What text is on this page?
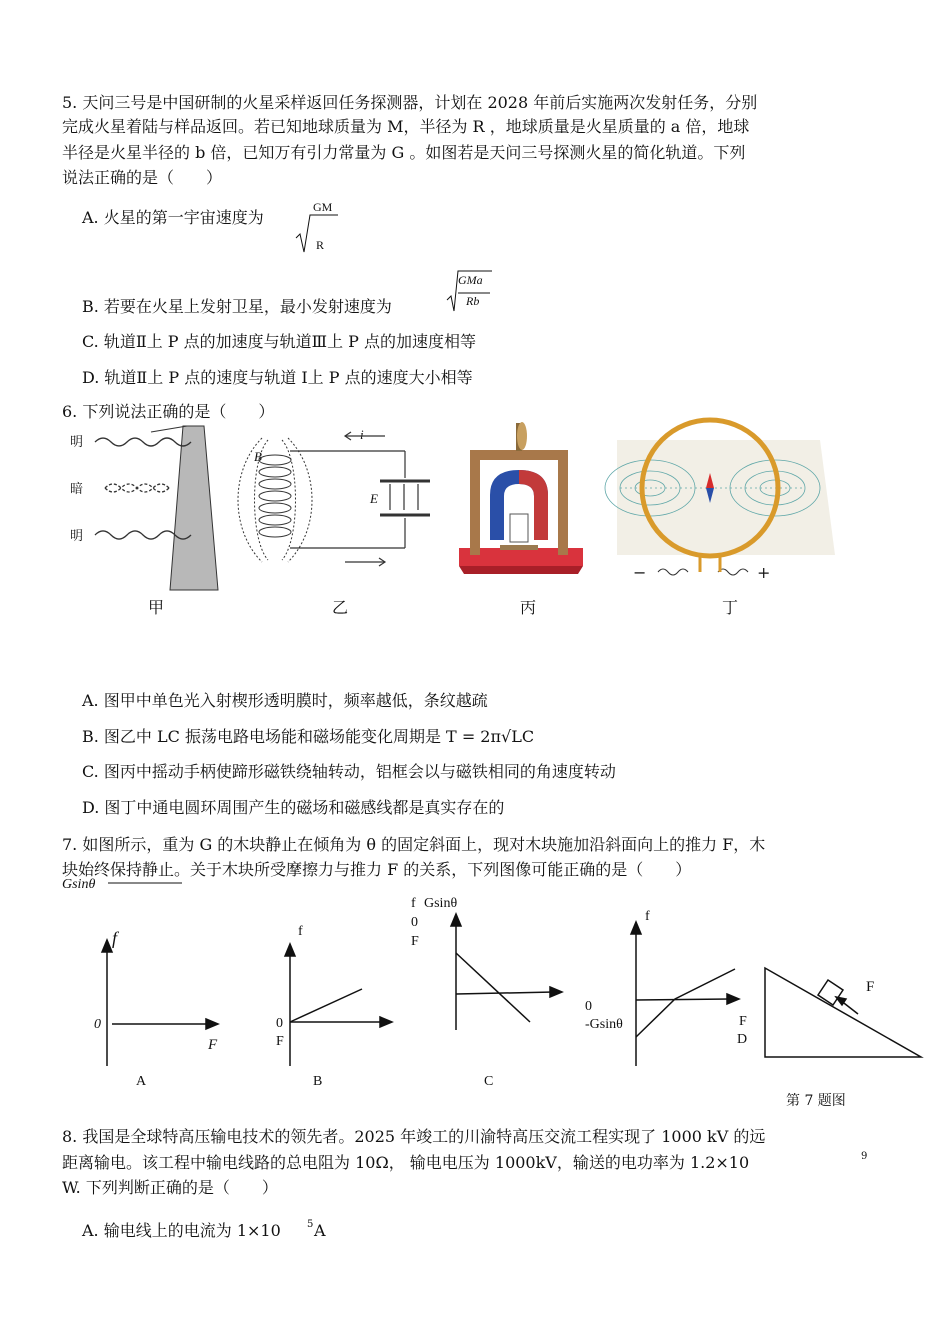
5. 天问三号是中国研制的火星采样返回任务探测器，计划在 2028 年前后实施两次发射任务，分别
完成火星着陆与样品返回。若已知地球质量为 M，半径为 R ，地球质量是火星质量的 a 倍，地球
半径是火星半径的 b 倍，已知万有引力常量为 G 。如图若是天问三号探测火星的简化轨道。下列
说法正确的是（　　）
A. 火星的第一宇宙速度为
GM
R
B. 若要在火星上发射卫星，最小发射速度为
GMa
Rb
C. 轨道Ⅱ上 P 点的加速度与轨道Ⅲ上 P 点的加速度相等
D. 轨道Ⅱ上 P 点的速度与轨道 Ⅰ上 P 点的速度大小相等
6. 下列说法正确的是（　　）
明
暗
明
甲	乙	丙	丁
B
i
E
−	+
A. 图甲中单色光入射楔形透明膜时，频率越低，条纹越疏
B. 图乙中 LC 振荡电路电场能和磁场能变化周期是 T = 2π√LC
C. 图丙中摇动手柄使蹄形磁铁绕轴转动，铝框会以与磁铁相同的角速度转动
D. 图丁中通电圆环周围产生的磁场和磁感线都是真实存在的
7. 如图所示，重为 G 的木块静止在倾角为 θ 的固定斜面上，现对木块施加沿斜面向上的推力 F，木
块始终保持静止。关于木块所受摩擦力与推力 F 的关系，下列图像可能正确的是（　　）
Gsinθ
f
0
F
A
f
0
F
B
f Gsinθ
0
F
C
f
0
-Gsinθ	F
D
F
第 7 题图
8. 我国是全球特高压输电技术的领先者。2025 年竣工的川渝特高压交流工程实现了 1000 kV 的远
距离输电。该工程中输电线路的总电阻为 10Ω， 输电电压为 1000kV，输送的电功率为 1.2×10	9
W. 下列判断正确的是（　　）
A. 输电线上的电流为 1×10	5 A
